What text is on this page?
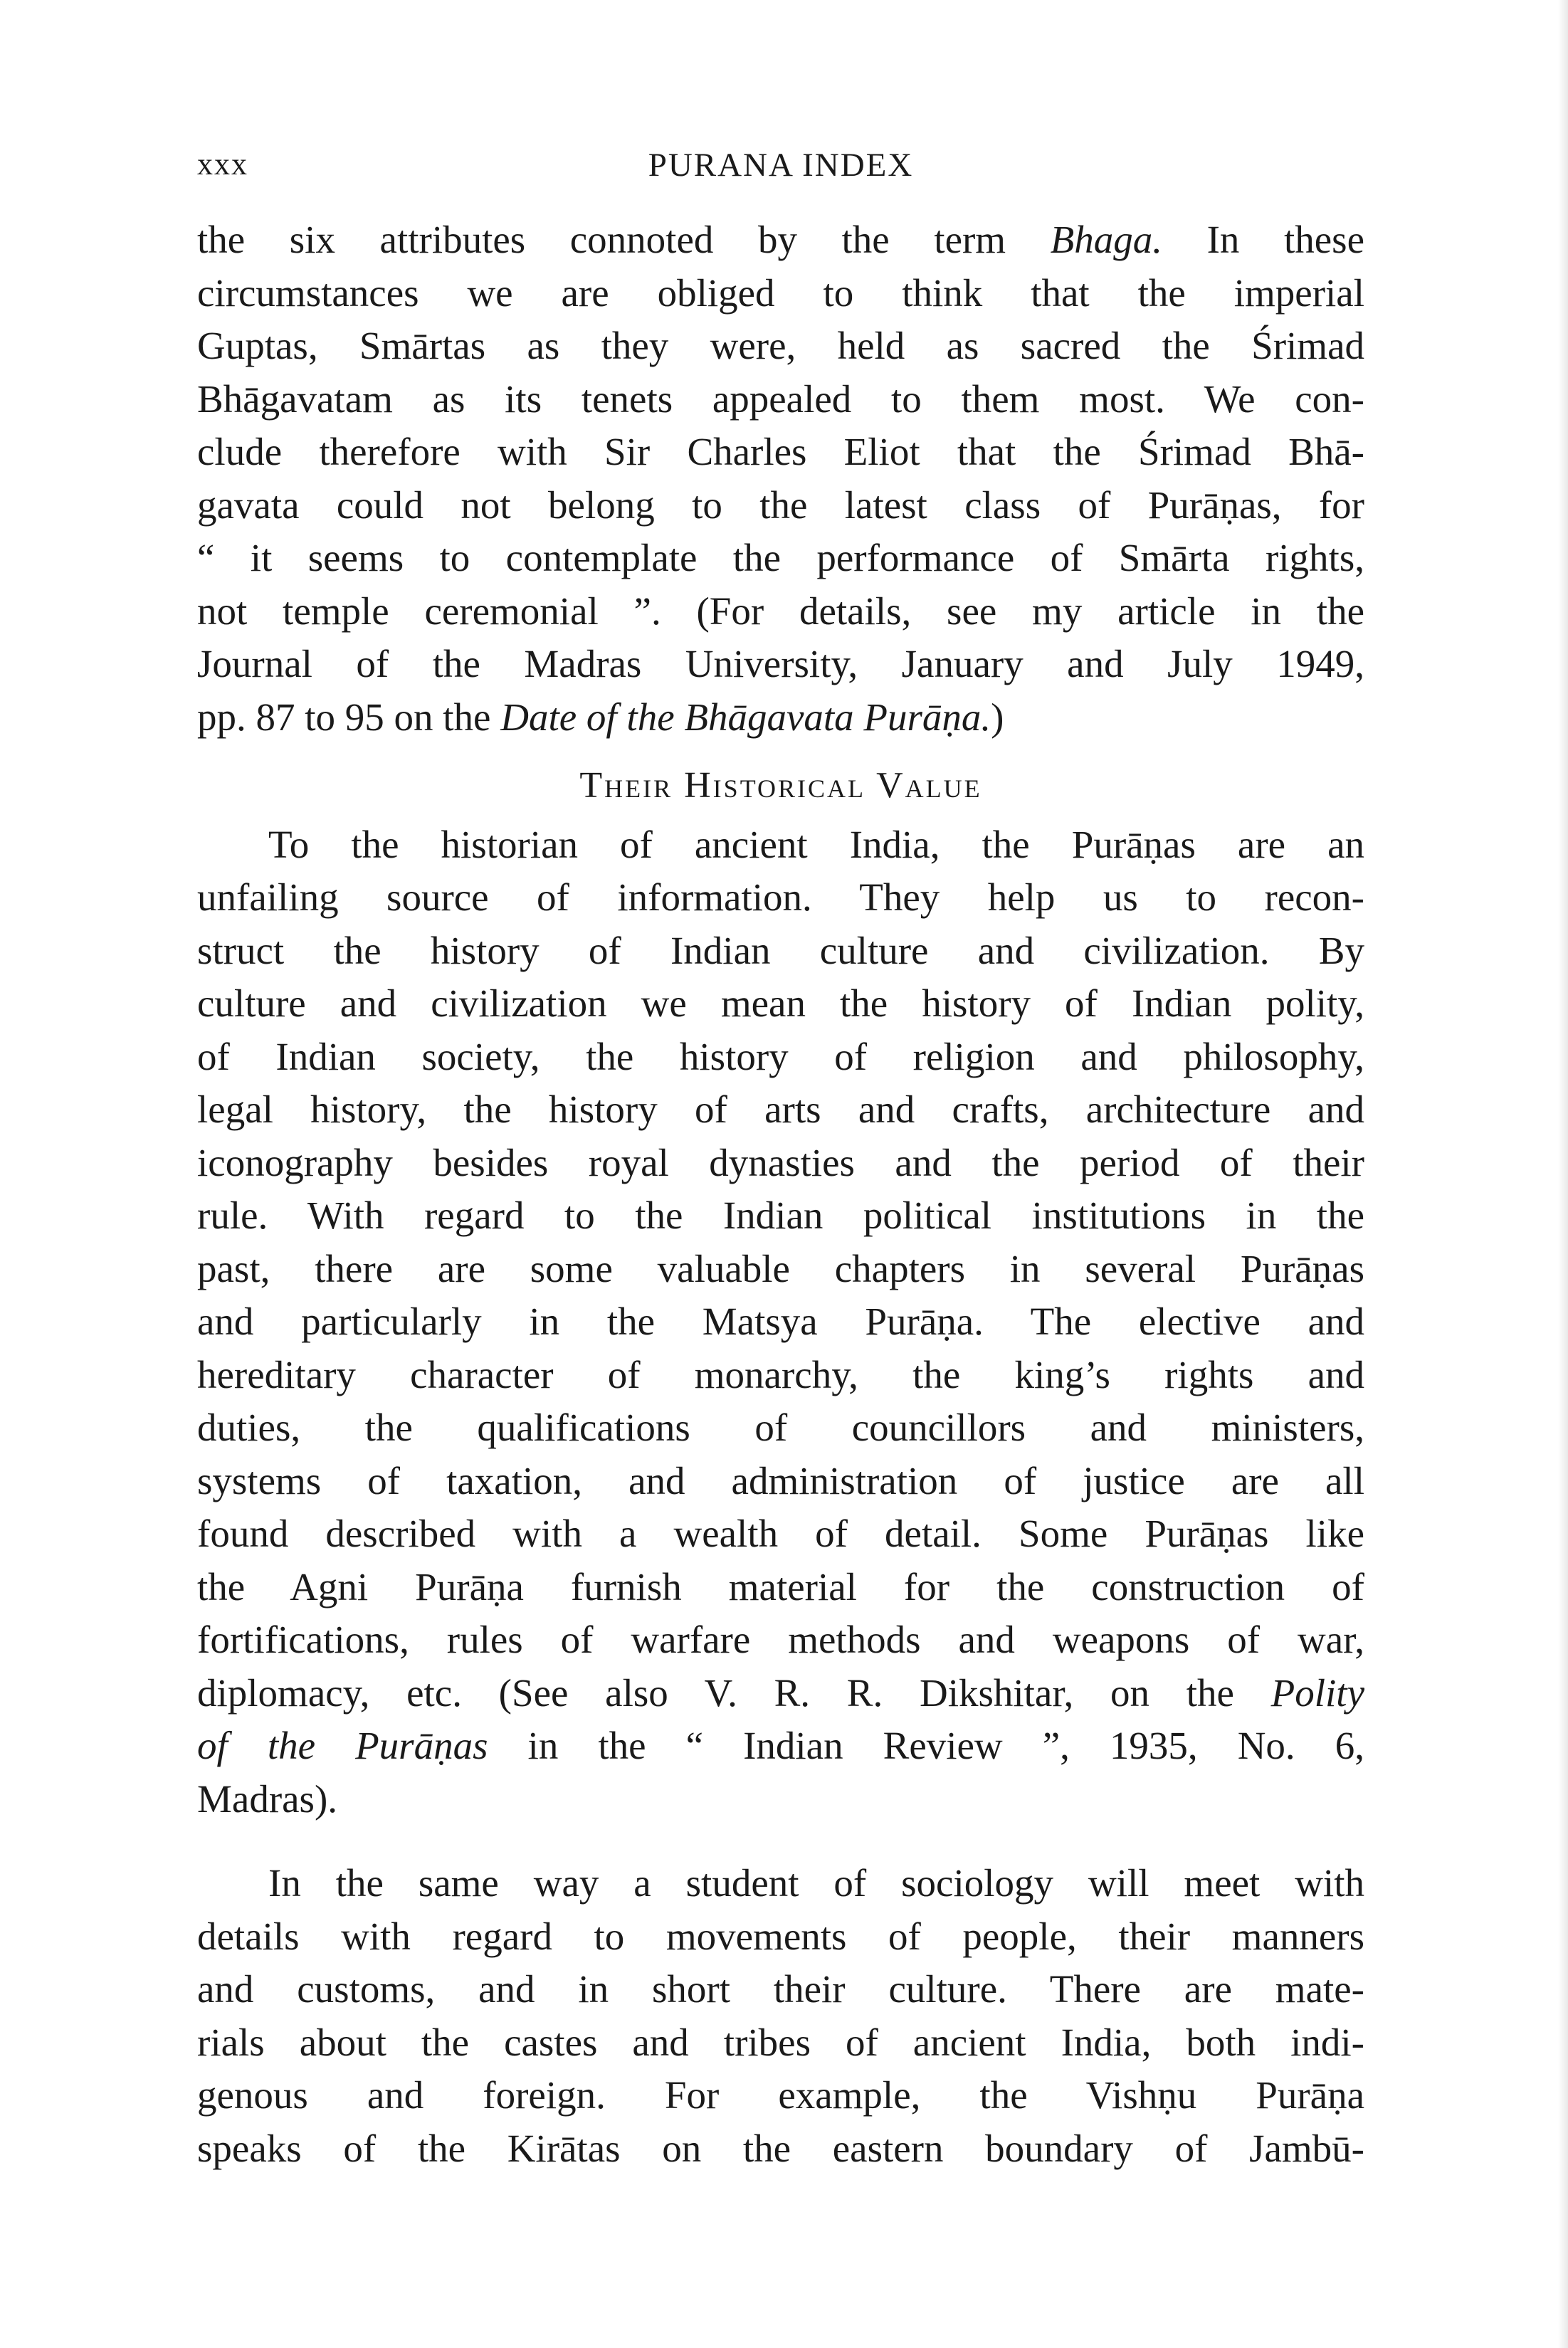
xxx	PURANA INDEX
the six attributes connoted by the term Bhaga. In these
circumstances we are obliged to think that the imperial
Guptas, Smārtas as they were, held as sacred the Śrimad
Bhāgavatam as its tenets appealed to them most. We con-
clude therefore with Sir Charles Eliot that the Śrimad Bhā-
gavata could not belong to the latest class of Purāṇas, for
“ it seems to contemplate the performance of Smārta rights,
not temple ceremonial ”. (For details, see my article in the
Journal of the Madras University, January and July 1949,
pp. 87 to 95 on the Date of the Bhāgavata Purāṇa.)
Their Historical Value
To the historian of ancient India, the Purāṇas are an
unfailing source of information. They help us to recon-
struct the history of Indian culture and civilization. By
culture and civilization we mean the history of Indian polity,
of Indian society, the history of religion and philosophy,
legal history, the history of arts and crafts, architecture and
iconography besides royal dynasties and the period of their
rule. With regard to the Indian political institutions in the
past, there are some valuable chapters in several Purāṇas
and particularly in the Matsya Purāṇa. The elective and
hereditary character of monarchy, the king’s rights and
duties, the qualifications of councillors and ministers,
systems of taxation, and administration of justice are all
found described with a wealth of detail. Some Purāṇas like
the Agni Purāṇa furnish material for the construction of
fortifications, rules of warfare methods and weapons of war,
diplomacy, etc. (See also V. R. R. Dikshitar, on the Polity
of the Purāṇas in the “ Indian Review ”, 1935, No. 6,
Madras).
In the same way a student of sociology will meet with
details with regard to movements of people, their manners
and customs, and in short their culture. There are mate-
rials about the castes and tribes of ancient India, both indi-
genous and foreign. For example, the Vishṇu Purāṇa
speaks of the Kirātas on the eastern boundary of Jambū-
